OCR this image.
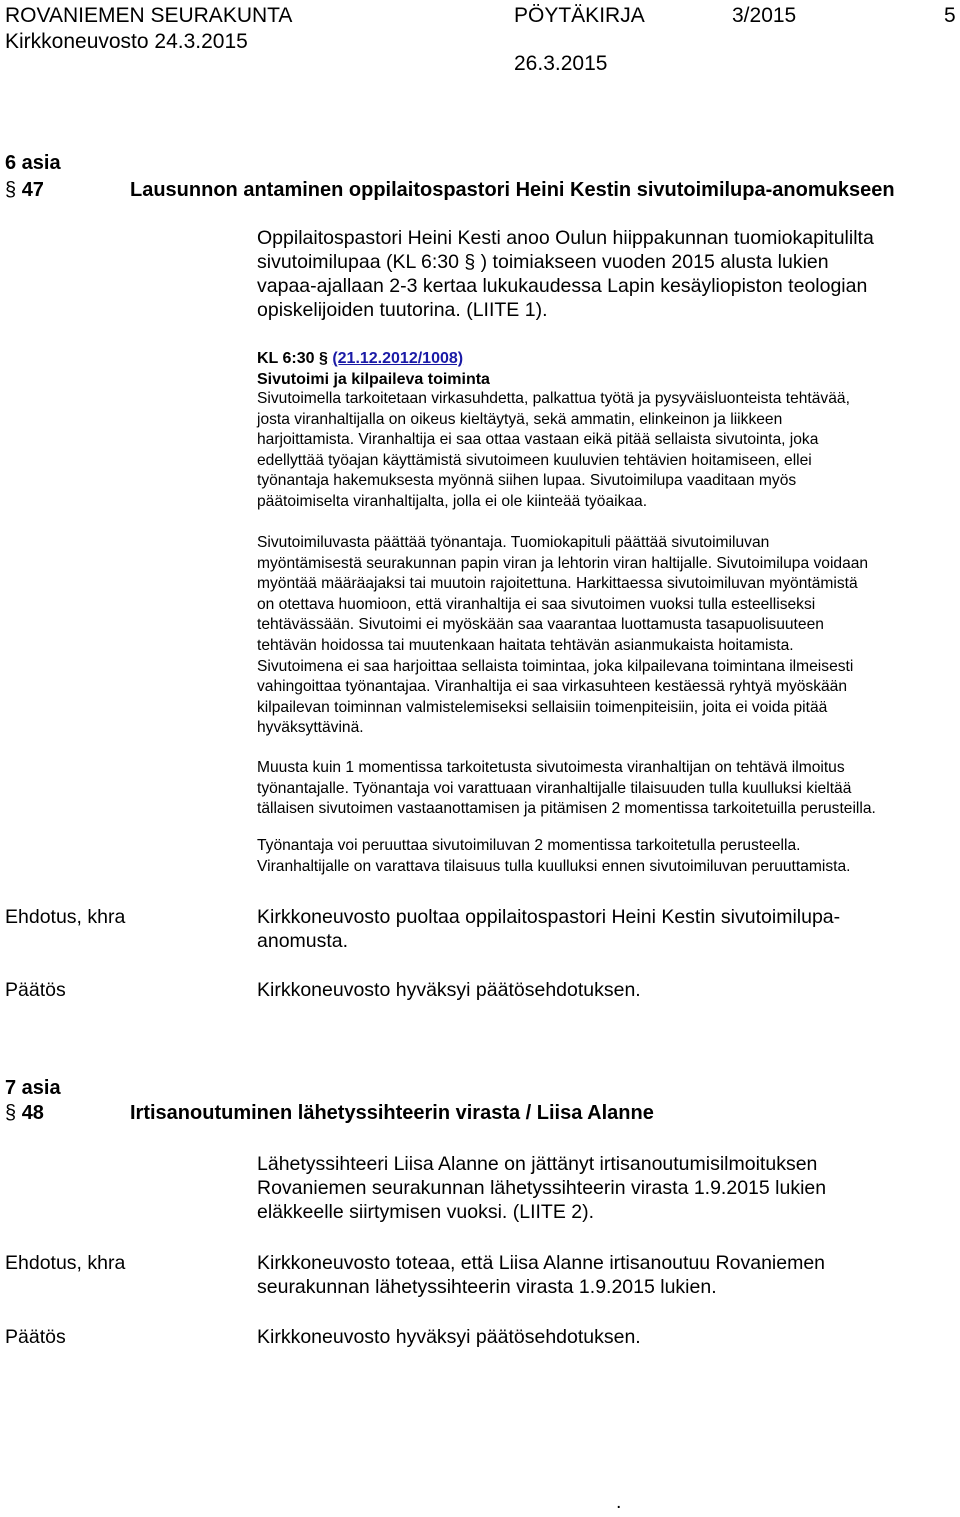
ROVANIEMEN SEURAKUNTA	PÖYTÄKIRJA	3/2015	5
Kirkkoneuvosto 24.3.2015
26.3.2015
6 asia
§ 47	Lausunnon antaminen oppilaitospastori Heini Kestin sivutoimilupa-anomukseen
Oppilaitospastori Heini Kesti anoo Oulun hiippakunnan tuomiokapitulilta
sivutoimilupaa (KL 6:30 § ) toimiakseen vuoden 2015 alusta lukien
vapaa-ajallaan 2-3 kertaa lukukaudessa Lapin kesäyliopiston teologian
opiskelijoiden tuutorina. (LIITE 1).
KL 6:30 § (21.12.2012/1008)
Sivutoimi ja kilpaileva toiminta
Sivutoimella tarkoitetaan virkasuhdetta, palkattua työtä ja pysyväisluonteista tehtävää,
josta viranhaltijalla on oikeus kieltäytyä, sekä ammatin, elinkeinon ja liikkeen
harjoittamista. Viranhaltija ei saa ottaa vastaan eikä pitää sellaista sivutointa, joka
edellyttää työajan käyttämistä sivutoimeen kuuluvien tehtävien hoitamiseen, ellei
työnantaja hakemuksesta myönnä siihen lupaa. Sivutoimilupa vaaditaan myös
päätoimiselta viranhaltijalta, jolla ei ole kiinteää työaikaa.
Sivutoimiluvasta päättää työnantaja. Tuomiokapituli päättää sivutoimiluvan
myöntämisestä seurakunnan papin viran ja lehtorin viran haltijalle. Sivutoimilupa voidaan
myöntää määräajaksi tai muutoin rajoitettuna. Harkittaessa sivutoimiluvan myöntämistä
on otettava huomioon, että viranhaltija ei saa sivutoimen vuoksi tulla esteelliseksi
tehtävässään. Sivutoimi ei myöskään saa vaarantaa luottamusta tasapuolisuuteen
tehtävän hoidossa tai muutenkaan haitata tehtävän asianmukaista hoitamista.
Sivutoimena ei saa harjoittaa sellaista toimintaa, joka kilpailevana toimintana ilmeisesti
vahingoittaa työnantajaa. Viranhaltija ei saa virkasuhteen kestäessä ryhtyä myöskään
kilpailevan toiminnan valmistelemiseksi sellaisiin toimenpiteisiin, joita ei voida pitää
hyväksyttävinä.
Muusta kuin 1 momentissa tarkoitetusta sivutoimesta viranhaltijan on tehtävä ilmoitus
työnantajalle. Työnantaja voi varattuaan viranhaltijalle tilaisuuden tulla kuulluksi kieltää
tällaisen sivutoimen vastaanottamisen ja pitämisen 2 momentissa tarkoitetuilla perusteilla.
Työnantaja voi peruuttaa sivutoimiluvan 2 momentissa tarkoitetulla perusteella.
Viranhaltijalle on varattava tilaisuus tulla kuulluksi ennen sivutoimiluvan peruuttamista.
Ehdotus, khra	Kirkkoneuvosto puoltaa oppilaitospastori Heini Kestin sivutoimilupa-
anomusta.
Päätös	Kirkkoneuvosto hyväksyi päätösehdotuksen.
7 asia
§ 48	Irtisanoutuminen lähetyssihteerin virasta / Liisa Alanne
Lähetyssihteeri Liisa Alanne on jättänyt irtisanoutumisilmoituksen
Rovaniemen seurakunnan lähetyssihteerin virasta 1.9.2015 lukien
eläkkeelle siirtymisen vuoksi. (LIITE 2).
Ehdotus, khra	Kirkkoneuvosto toteaa, että Liisa Alanne irtisanoutuu Rovaniemen
seurakunnan lähetyssihteerin virasta 1.9.2015 lukien.
Päätös	Kirkkoneuvosto hyväksyi päätösehdotuksen.
.
